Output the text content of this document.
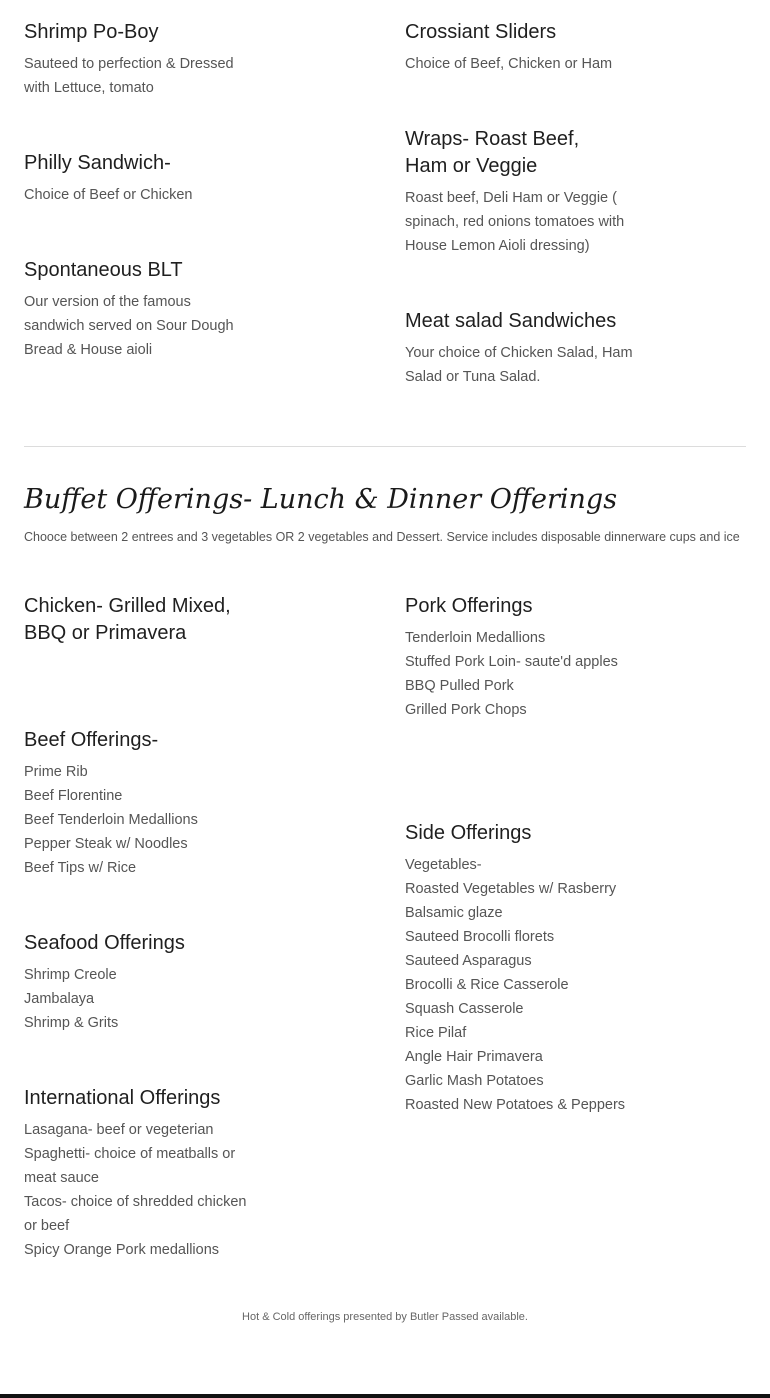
Shrimp Po-Boy
Sauteed to perfection & Dressed
with Lettuce, tomato
Philly Sandwich-
Choice of Beef or Chicken
Spontaneous BLT
Our version of the famous
sandwich served on Sour Dough
Bread & House aioli
Crossiant Sliders
Choice of Beef, Chicken or Ham
Wraps- Roast Beef,
Ham or Veggie
Roast beef, Deli Ham or Veggie (
spinach, red onions tomatoes with
House Lemon Aioli dressing)
Meat salad Sandwiches
Your choice of Chicken Salad, Ham
Salad or Tuna Salad.
Buffet Offerings- Lunch & Dinner Offerings
Chooce between 2 entrees and 3 vegetables OR 2 vegetables and Dessert. Service includes disposable dinnerware cups and ice
Chicken- Grilled Mixed,
BBQ or Primavera
Beef Offerings-
Prime Rib
Beef Florentine
Beef Tenderloin Medallions
Pepper Steak w/ Noodles
Beef Tips w/ Rice
Seafood Offerings
Shrimp Creole
Jambalaya
Shrimp & Grits
International Offerings
Lasagana- beef or vegeterian
Spaghetti- choice of meatballs or
meat sauce
Tacos- choice of shredded chicken
or beef
Spicy Orange Pork medallions
Pork Offerings
Tenderloin Medallions
Stuffed Pork Loin- saute'd apples
BBQ Pulled Pork
Grilled Pork Chops
Side Offerings
Vegetables-
Roasted Vegetables w/ Rasberry
Balsamic glaze
Sauteed Brocolli florets
Sauteed Asparagus
Brocolli & Rice Casserole
Squash Casserole
Rice Pilaf
Angle Hair Primavera
Garlic Mash Potatoes
Roasted New Potatoes & Peppers
Hot & Cold offerings presented by Butler Passed available.
